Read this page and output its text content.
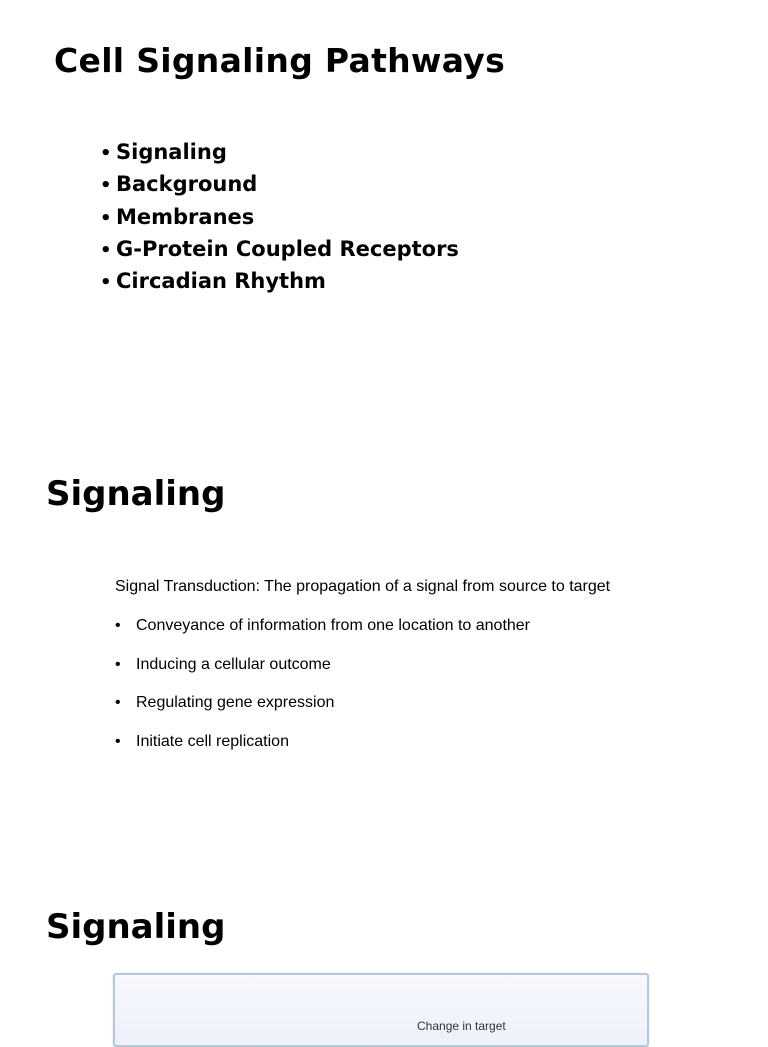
Cell Signaling Pathways
• Signaling
• Background
• Membranes
• G-Protein Coupled Receptors
• Circadian Rhythm
Signaling

Signal Transduction: The propagation of a signal from source to target

• Conveyance of information from one location to another
• Inducing a cellular outcome
• Regulating gene expression
• Initiate cell replication
Signaling
Change in target
